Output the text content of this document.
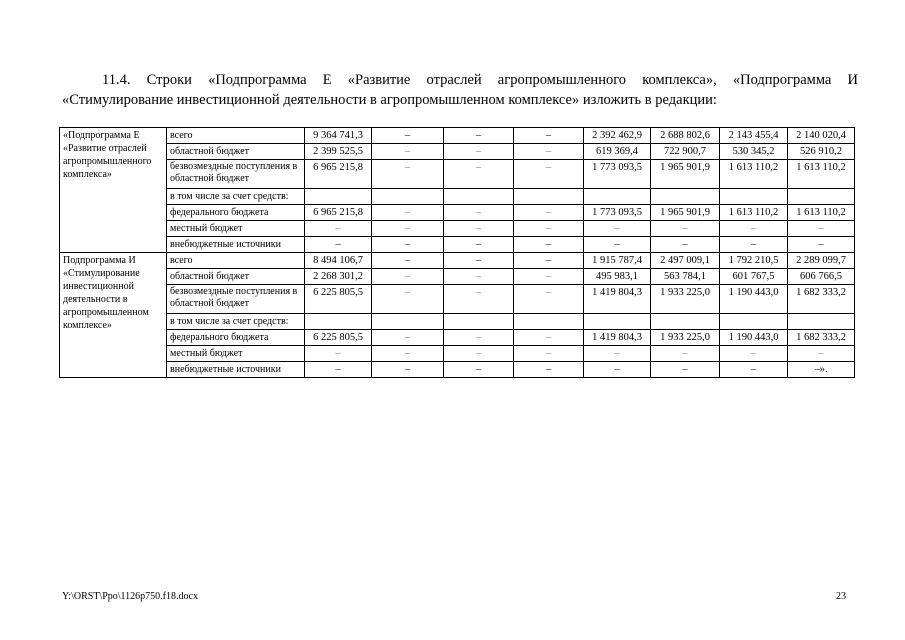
11.4. Строки «Подпрограмма Е «Развитие отраслей агропромышленного комплекса», «Подпрограмма И «Стимулирование инвестиционной деятельности в агропромышленном комплексе» изложить в редакции:

«Подпрограмма Е «Развитие отраслей агропромышленного комплекса»	всего	9 364 741,3	–	–	–	2 392 462,9	2 688 802,6	2 143 455,4	2 140 020,4
	областной бюджет	2 399 525,5	–	–	–	619 369,4	722 900,7	530 345,2	526 910,2
	безвозмездные поступления в областной бюджет	6 965 215,8	–	–	–	1 773 093,5	1 965 901,9	1 613 110,2	1 613 110,2
	в том числе за счет средств:								
	федерального бюджета	6 965 215,8	–	–	–	1 773 093,5	1 965 901,9	1 613 110,2	1 613 110,2
	местный бюджет	–	–	–	–	–	–	–	–
	внебюджетные источники	–	–	–	–	–	–	–	–
Подпрограмма И «Стимулирование инвестиционной деятельности в агропромышленном комплексе»	всего	8 494 106,7	–	–	–	1 915 787,4	2 497 009,1	1 792 210,5	2 289 099,7
	областной бюджет	2 268 301,2	–	–	–	495 983,1	563 784,1	601 767,5	606 766,5
	безвозмездные поступления в областной бюджет	6 225 805,5	–	–	–	1 419 804,3	1 933 225,0	1 190 443,0	1 682 333,2
	в том числе за счет средств:								
	федерального бюджета	6 225 805,5	–	–	–	1 419 804,3	1 933 225,0	1 190 443,0	1 682 333,2
	местный бюджет	–	–	–	–	–	–	–	–
	внебюджетные источники	–	–	–	–	–	–	–	–».
Y:\ORST\Ppo\1126p750.f18.docx	23
